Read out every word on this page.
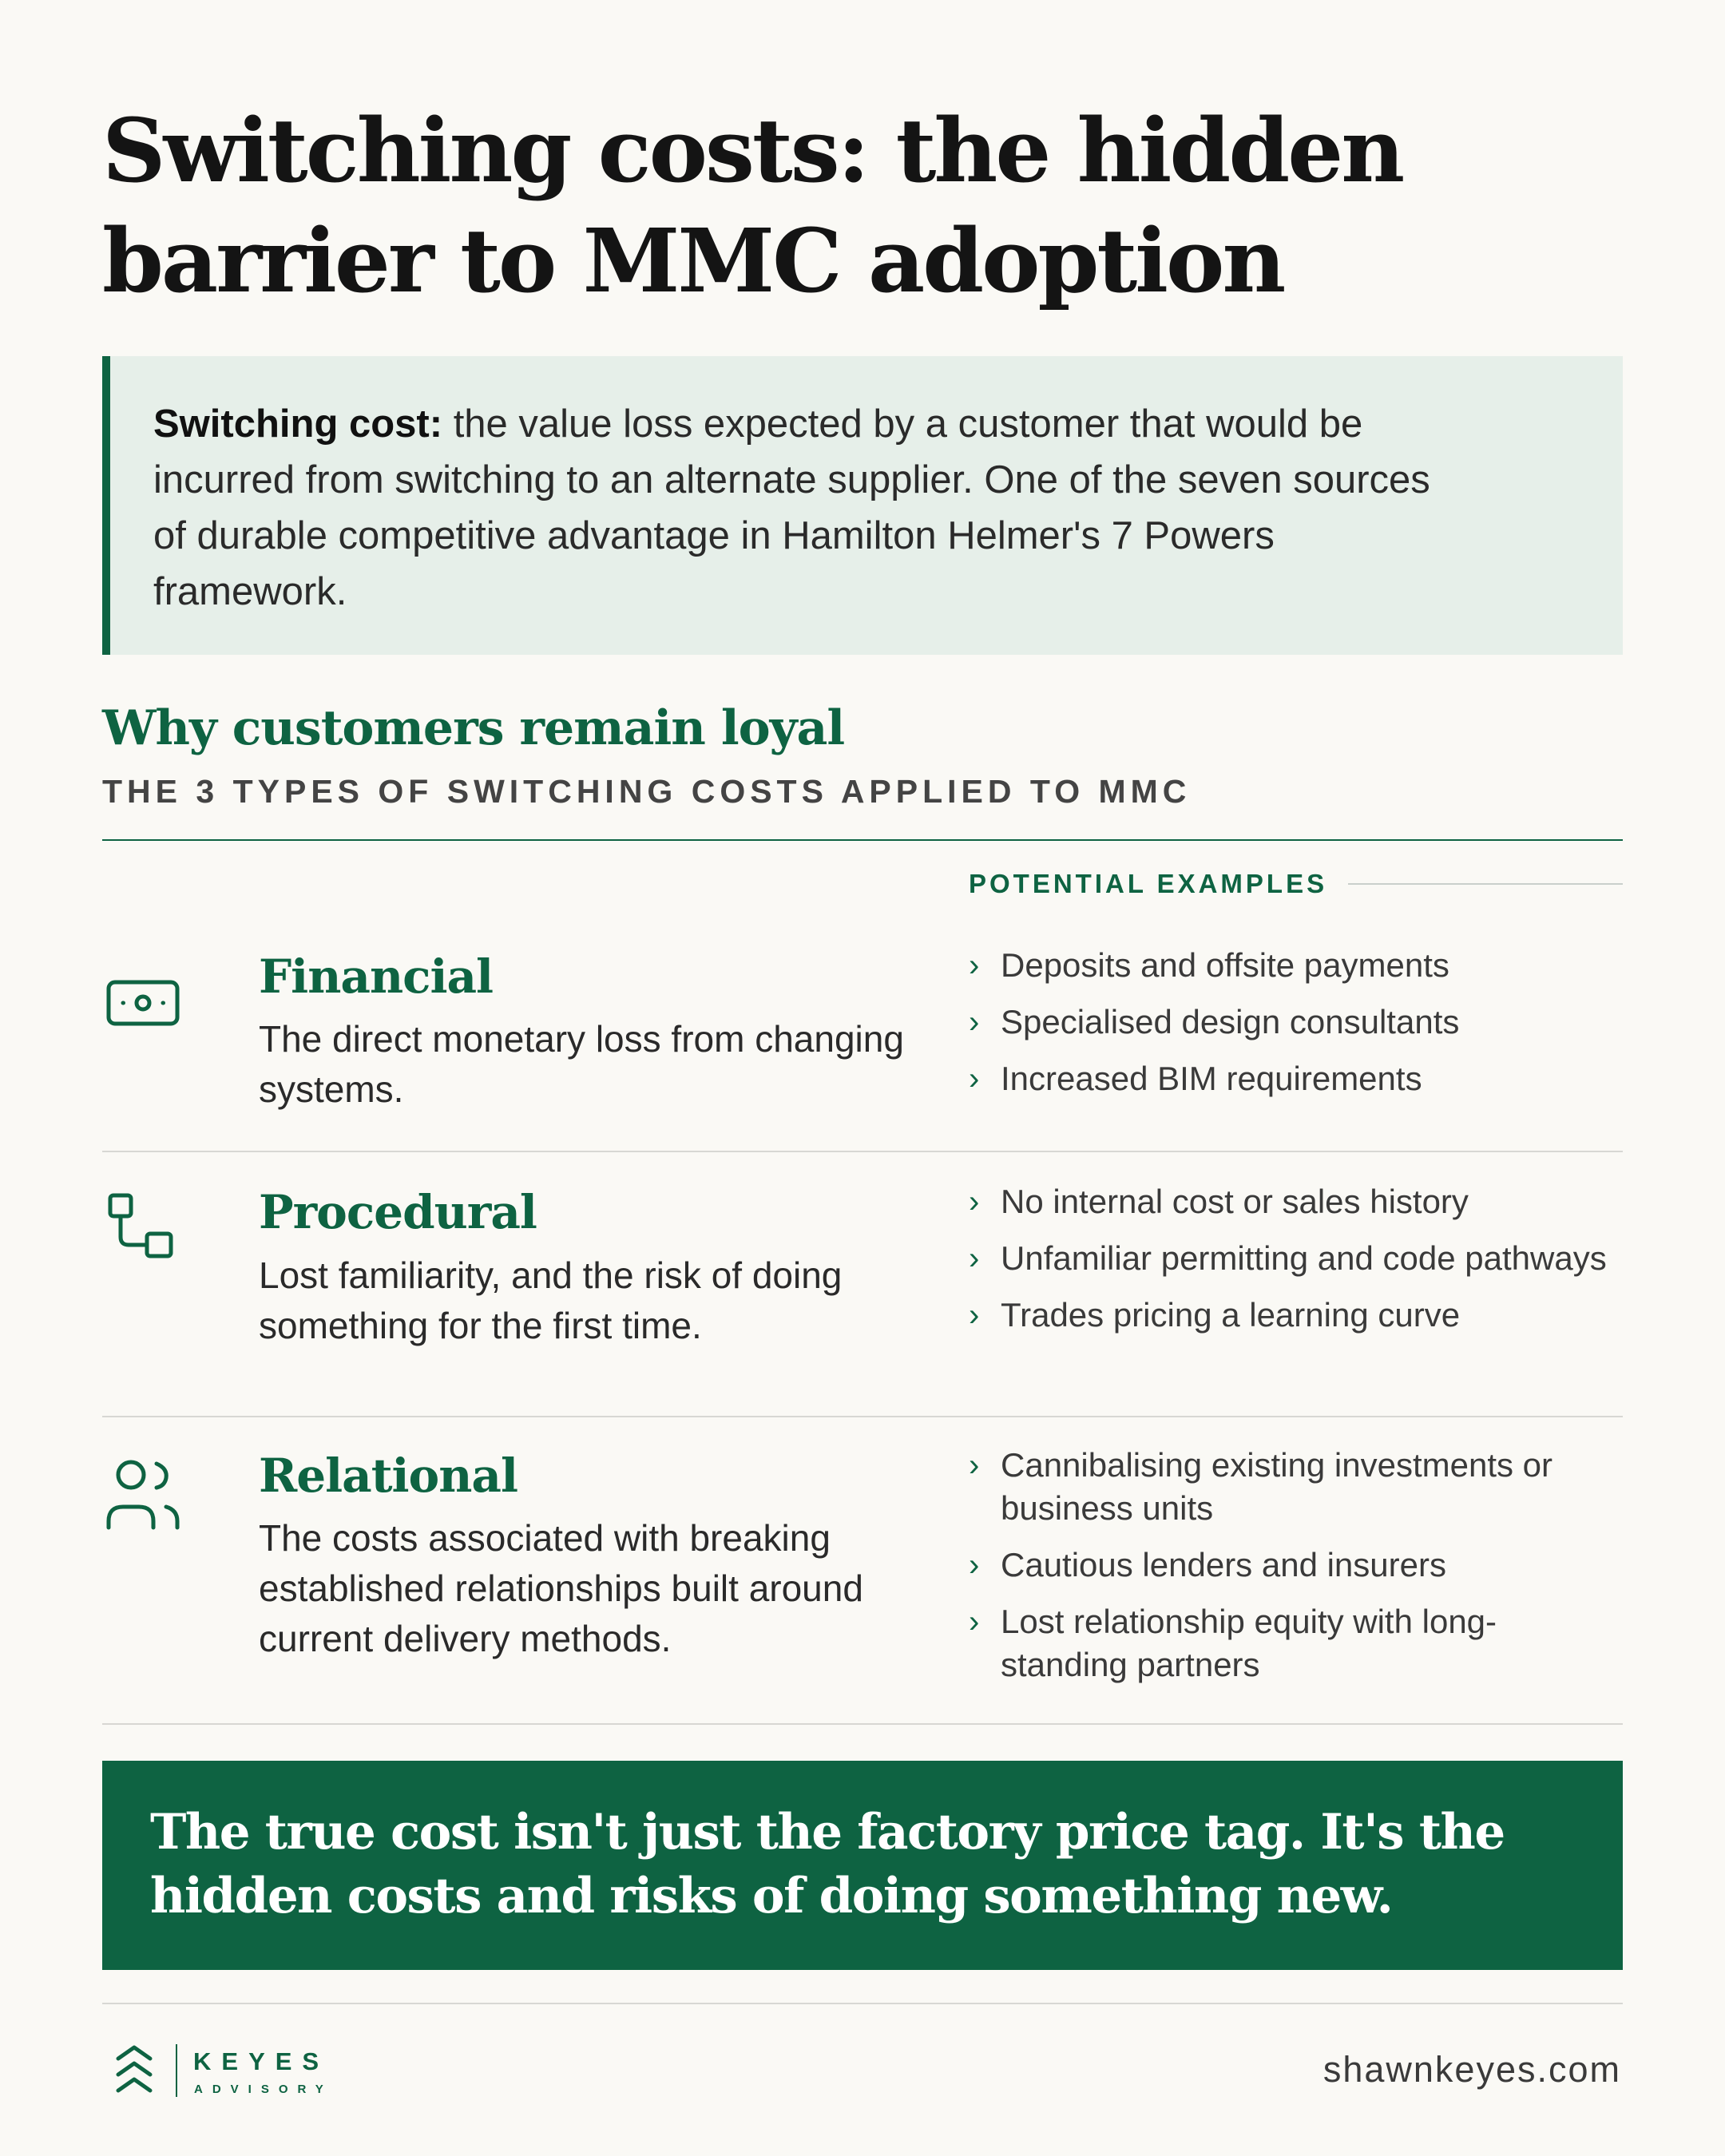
Switching costs: the hidden barrier to MMC adoption
Switching cost: the value loss expected by a customer that would be incurred from switching to an alternate supplier. One of the seven sources of durable competitive advantage in Hamilton Helmer's 7 Powers framework.
Why customers remain loyal
THE 3 TYPES OF SWITCHING COSTS APPLIED TO MMC
POTENTIAL EXAMPLES
Financial
The direct monetary loss from changing systems.
› Deposits and offsite payments
› Specialised design consultants
› Increased BIM requirements
Procedural
Lost familiarity, and the risk of doing something for the first time.
› No internal cost or sales history
› Unfamiliar permitting and code pathways
› Trades pricing a learning curve
Relational
The costs associated with breaking established relationships built around current delivery methods.
› Cannibalising existing investments or business units
› Cautious lenders and insurers
› Lost relationship equity with long-standing partners
The true cost isn't just the factory price tag. It's the hidden costs and risks of doing something new.
KEYES
ADVISORY	shawnkeyes.com
